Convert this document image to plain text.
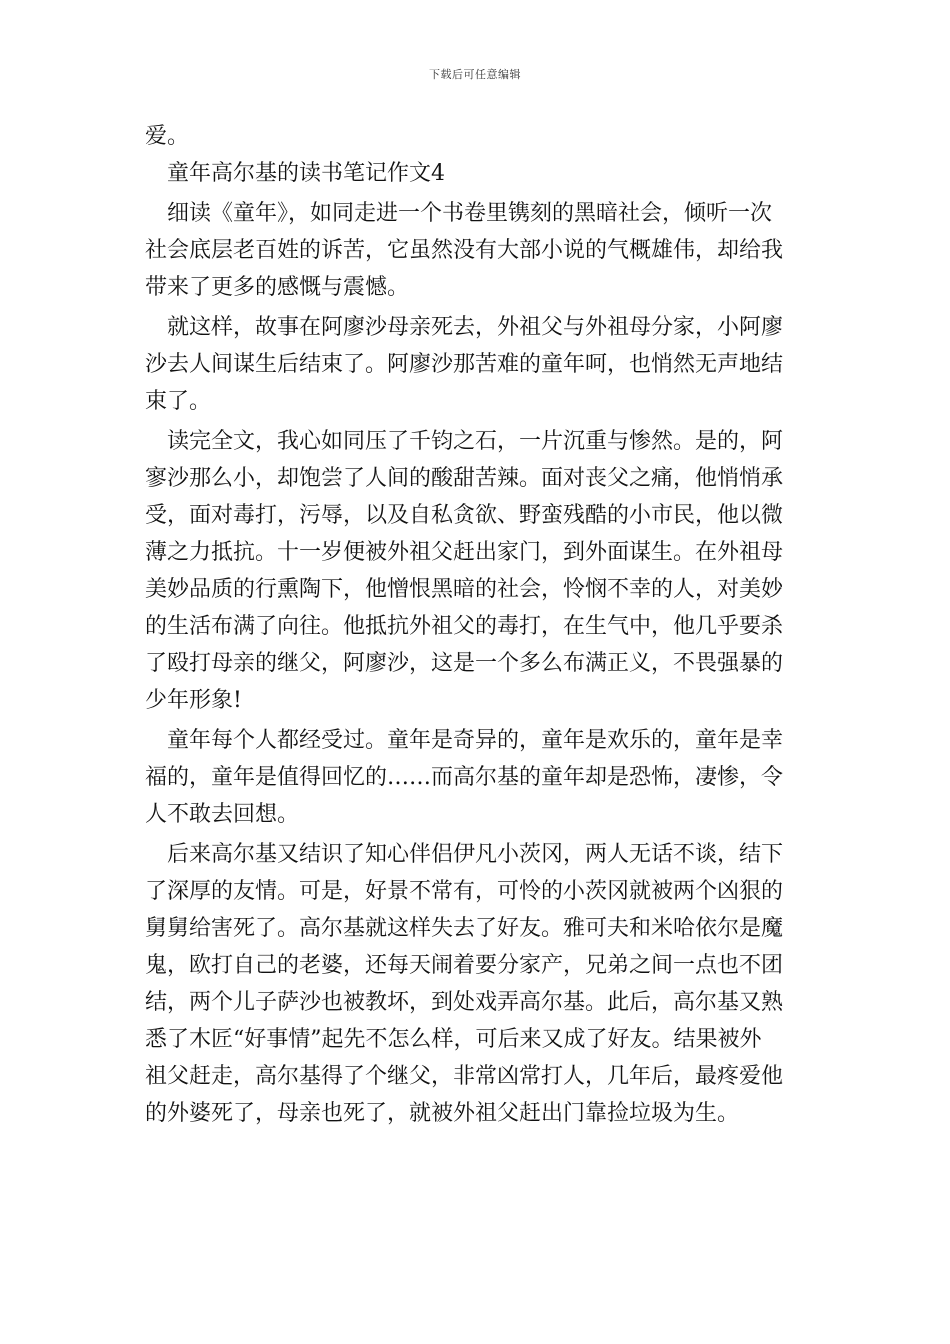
下载后可任意编辑
爱。
童年高尔基的读书笔记作文4
细读《童年》，如同走进一个书卷里镌刻的黑暗社会，倾听一次
社会底层老百姓的诉苦，它虽然没有大部小说的气概雄伟，却给我
带来了更多的感慨与震憾。
就这样，故事在阿廖沙母亲死去，外祖父与外祖母分家，小阿廖
沙去人间谋生后结束了。阿廖沙那苦难的童年呵，也悄然无声地结
束了。
读完全文，我心如同压了千钧之石，一片沉重与惨然。是的，阿
寥沙那么小，却饱尝了人间的酸甜苦辣。面对丧父之痛，他悄悄承
受，面对毒打，污辱，以及自私贪欲、野蛮残酷的小市民，他以微
薄之力抵抗。十一岁便被外祖父赶出家门，到外面谋生。在外祖母
美妙品质的行熏陶下，他憎恨黑暗的社会，怜悯不幸的人，对美妙
的生活布满了向往。他抵抗外祖父的毒打，在生气中，他几乎要杀
了殴打母亲的继父，阿廖沙，这是一个多么布满正义，不畏强暴的
少年形象!
童年每个人都经受过。童年是奇异的，童年是欢乐的，童年是幸
福的，童年是值得回忆的……而高尔基的童年却是恐怖，凄惨，令
人不敢去回想。
后来高尔基又结识了知心伴侣伊凡小茨冈，两人无话不谈，结下
了深厚的友情。可是，好景不常有，可怜的小茨冈就被两个凶狠的
舅舅给害死了。高尔基就这样失去了好友。雅可夫和米哈依尔是魔
鬼，欧打自己的老婆，还每天闹着要分家产，兄弟之间一点也不团
结，两个儿子萨沙也被教坏，到处戏弄高尔基。此后，高尔基又熟
悉了木匠“好事情”起先不怎么样，可后来又成了好友。结果被外
祖父赶走，高尔基得了个继父，非常凶常打人，几年后，最疼爱他
的外婆死了，母亲也死了，就被外祖父赶出门靠捡垃圾为生。
